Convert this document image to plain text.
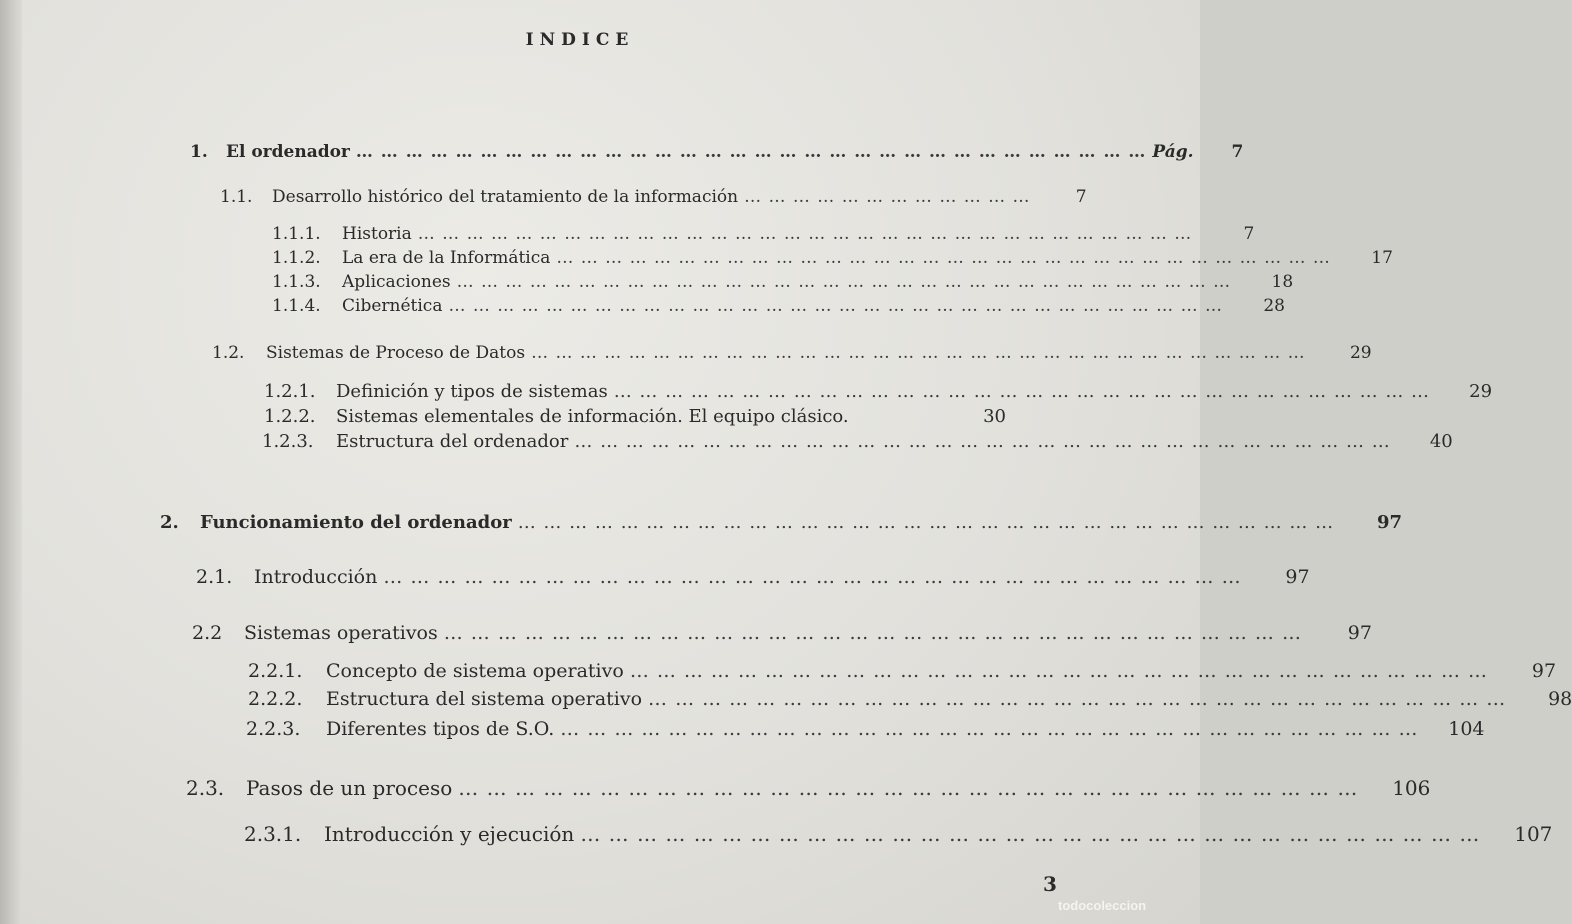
INDICE
1.	El ordenador … … … … … … … … … … … … … … … … … … … … … … … … … … … … … … … … Pág. 7
1.1.	Desarrollo histórico del tratamiento de la información … … … … … … … … … … … …	7
1.1.1.	Historia … … … … … … … … … … … … … … … … … … … … … … … … … … … … … … … …	7
1.1.2.	La era de la Informática … … … … … … … … … … … … … … … … … … … … … … … … … … … … … … … …	17
1.1.3.	Aplicaciones … … … … … … … … … … … … … … … … … … … … … … … … … … … … … … … …	18
1.1.4.	Cibernética … … … … … … … … … … … … … … … … … … … … … … … … … … … … … … … …	28
1.2.	Sistemas de Proceso de Datos … … … … … … … … … … … … … … … … … … … … … … … … … … … … … … … …	29
1.2.1.	Definición y tipos de sistemas … … … … … … … … … … … … … … … … … … … … … … … … … … … … … … … …	29
1.2.2.	Sistemas elementales de información. El equipo clásico.	30
1.2.3.	Estructura del ordenador … … … … … … … … … … … … … … … … … … … … … … … … … … … … … … … …	40
2.	Funcionamiento del ordenador … … … … … … … … … … … … … … … … … … … … … … … … … … … … … … … …	97
2.1.	Introducción … … … … … … … … … … … … … … … … … … … … … … … … … … … … … … … …	97
2.2	Sistemas operativos … … … … … … … … … … … … … … … … … … … … … … … … … … … … … … … …	97
2.2.1.	Concepto de sistema operativo … … … … … … … … … … … … … … … … … … … … … … … … … … … … … … … …	97
2.2.2.	Estructura del sistema operativo … … … … … … … … … … … … … … … … … … … … … … … … … … … … … … … …	98
2.2.3.	Diferentes tipos de S.O. … … … … … … … … … … … … … … … … … … … … … … … … … … … … … … … …	104
2.3.	Pasos de un proceso … … … … … … … … … … … … … … … … … … … … … … … … … … … … … … … …	106
2.3.1.	Introducción y ejecución … … … … … … … … … … … … … … … … … … … … … … … … … … … … … … … …	107
3
todocoleccion
